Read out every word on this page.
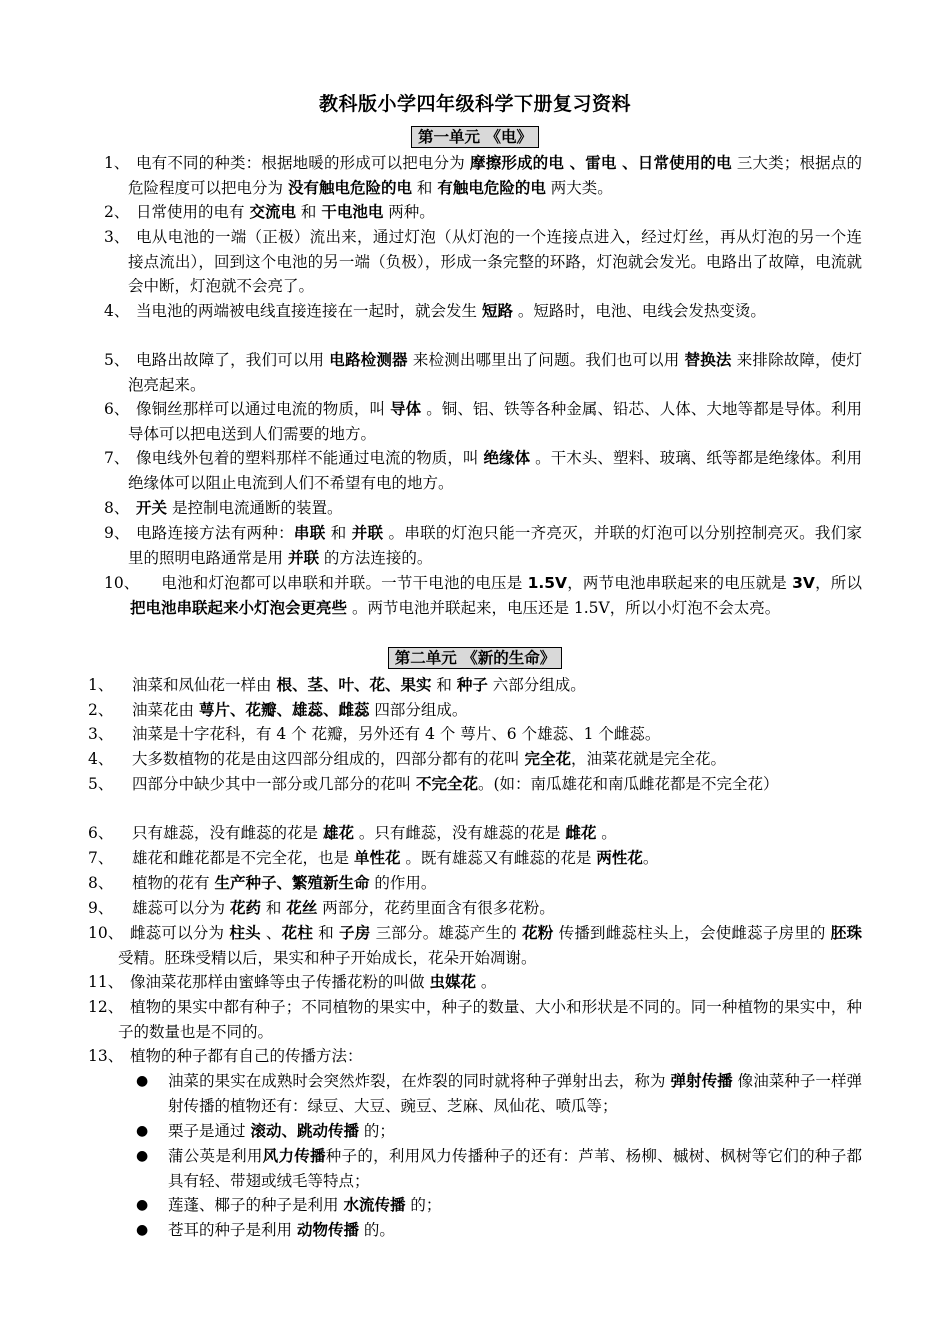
教科版小学四年级科学下册复习资料
第一单元 《电》
1、 电有不同的种类：根据地暖的形成可以把电分为 摩擦形成的电 、雷电 、日常使用的电 三大类；根据点的危险程度可以把电分为 没有触电危险的电 和 有触电危险的电 两大类。
2、 日常使用的电有 交流电 和 干电池电 两种。
3、 电从电池的一端（正极）流出来，通过灯泡（从灯泡的一个连接点进入，经过灯丝，再从灯泡的另一个连接点流出），回到这个电池的另一端（负极），形成一条完整的环路，灯泡就会发光。电路出了故障，电流就会中断，灯泡就不会亮了。
4、 当电池的两端被电线直接连接在一起时，就会发生 短路 。短路时，电池、电线会发热变烫。
5、 电路出故障了，我们可以用 电路检测器 来检测出哪里出了问题。我们也可以用 替换法 来排除故障，使灯泡亮起来。
6、 像铜丝那样可以通过电流的物质，叫 导体 。铜、铝、铁等各种金属、铅芯、人体、大地等都是导体。利用导体可以把电送到人们需要的地方。
7、 像电线外包着的塑料那样不能通过电流的物质，叫 绝缘体 。干木头、塑料、玻璃、纸等都是绝缘体。利用绝缘体可以阻止电流到人们不希望有电的地方。
8、 开关 是控制电流通断的装置。
9、 电路连接方法有两种：串联 和 并联 。串联的灯泡只能一齐亮灭，并联的灯泡可以分别控制亮灭。我们家里的照明电路通常是用 并联 的方法连接的。
10、
　　电池和灯泡都可以串联和并联。一节干电池的电压是 1.5V，两节电池串联起来的电压就是 3V，所以 把电池串联起来小灯泡会更亮些 。两节电池并联起来，电压还是 1.5V，所以小灯泡不会太亮。
第二单元 《新的生命》
1、	油菜和凤仙花一样由 根、茎、叶、花、果实 和 种子 六部分组成。
2、	油菜花由 萼片、花瓣、雄蕊、雌蕊 四部分组成。
3、	油菜是十字花科，有 4 个 花瓣，另外还有 4 个 萼片、6 个雄蕊、1 个雌蕊。
4、	大多数植物的花是由这四部分组成的，四部分都有的花叫 完全花，油菜花就是完全花。
5、	四部分中缺少其中一部分或几部分的花叫 不完全花。(如：南瓜雄花和南瓜雌花都是不完全花）
6、	只有雄蕊，没有雌蕊的花是 雄花 。只有雌蕊，没有雄蕊的花是 雌花 。
7、	雄花和雌花都是不完全花，也是 单性花 。既有雄蕊又有雌蕊的花是 两性花。
8、	植物的花有 生产种子、繁殖新生命 的作用。
9、	雄蕊可以分为 花药 和 花丝 两部分，花药里面含有很多花粉。
10、 雌蕊可以分为 柱头 、花柱 和 子房 三部分。雄蕊产生的 花粉 传播到雌蕊柱头上，会使雌蕊子房里的 胚珠 受精。胚珠受精以后，果实和种子开始成长，花朵开始凋谢。
11、 像油菜花那样由蜜蜂等虫子传播花粉的叫做 虫媒花 。
12、 植物的果实中都有种子；不同植物的果实中，种子的数量、大小和形状是不同的。同一种植物的果实中，种子的数量也是不同的。
13、 植物的种子都有自己的传播方法：
● 油菜的果实在成熟时会突然炸裂，在炸裂的同时就将种子弹射出去，称为 弹射传播 像油菜种子一样弹射传播的植物还有：绿豆、大豆、豌豆、芝麻、凤仙花、喷瓜等；
● 栗子是通过 滚动、跳动传播 的；
● 蒲公英是利用风力传播种子的，利用风力传播种子的还有：芦苇、杨柳、槭树、枫树等它们的种子都具有轻、带翅或绒毛等特点；
● 莲蓬、椰子的种子是利用 水流传播 的；
● 苍耳的种子是利用 动物传播 的。
